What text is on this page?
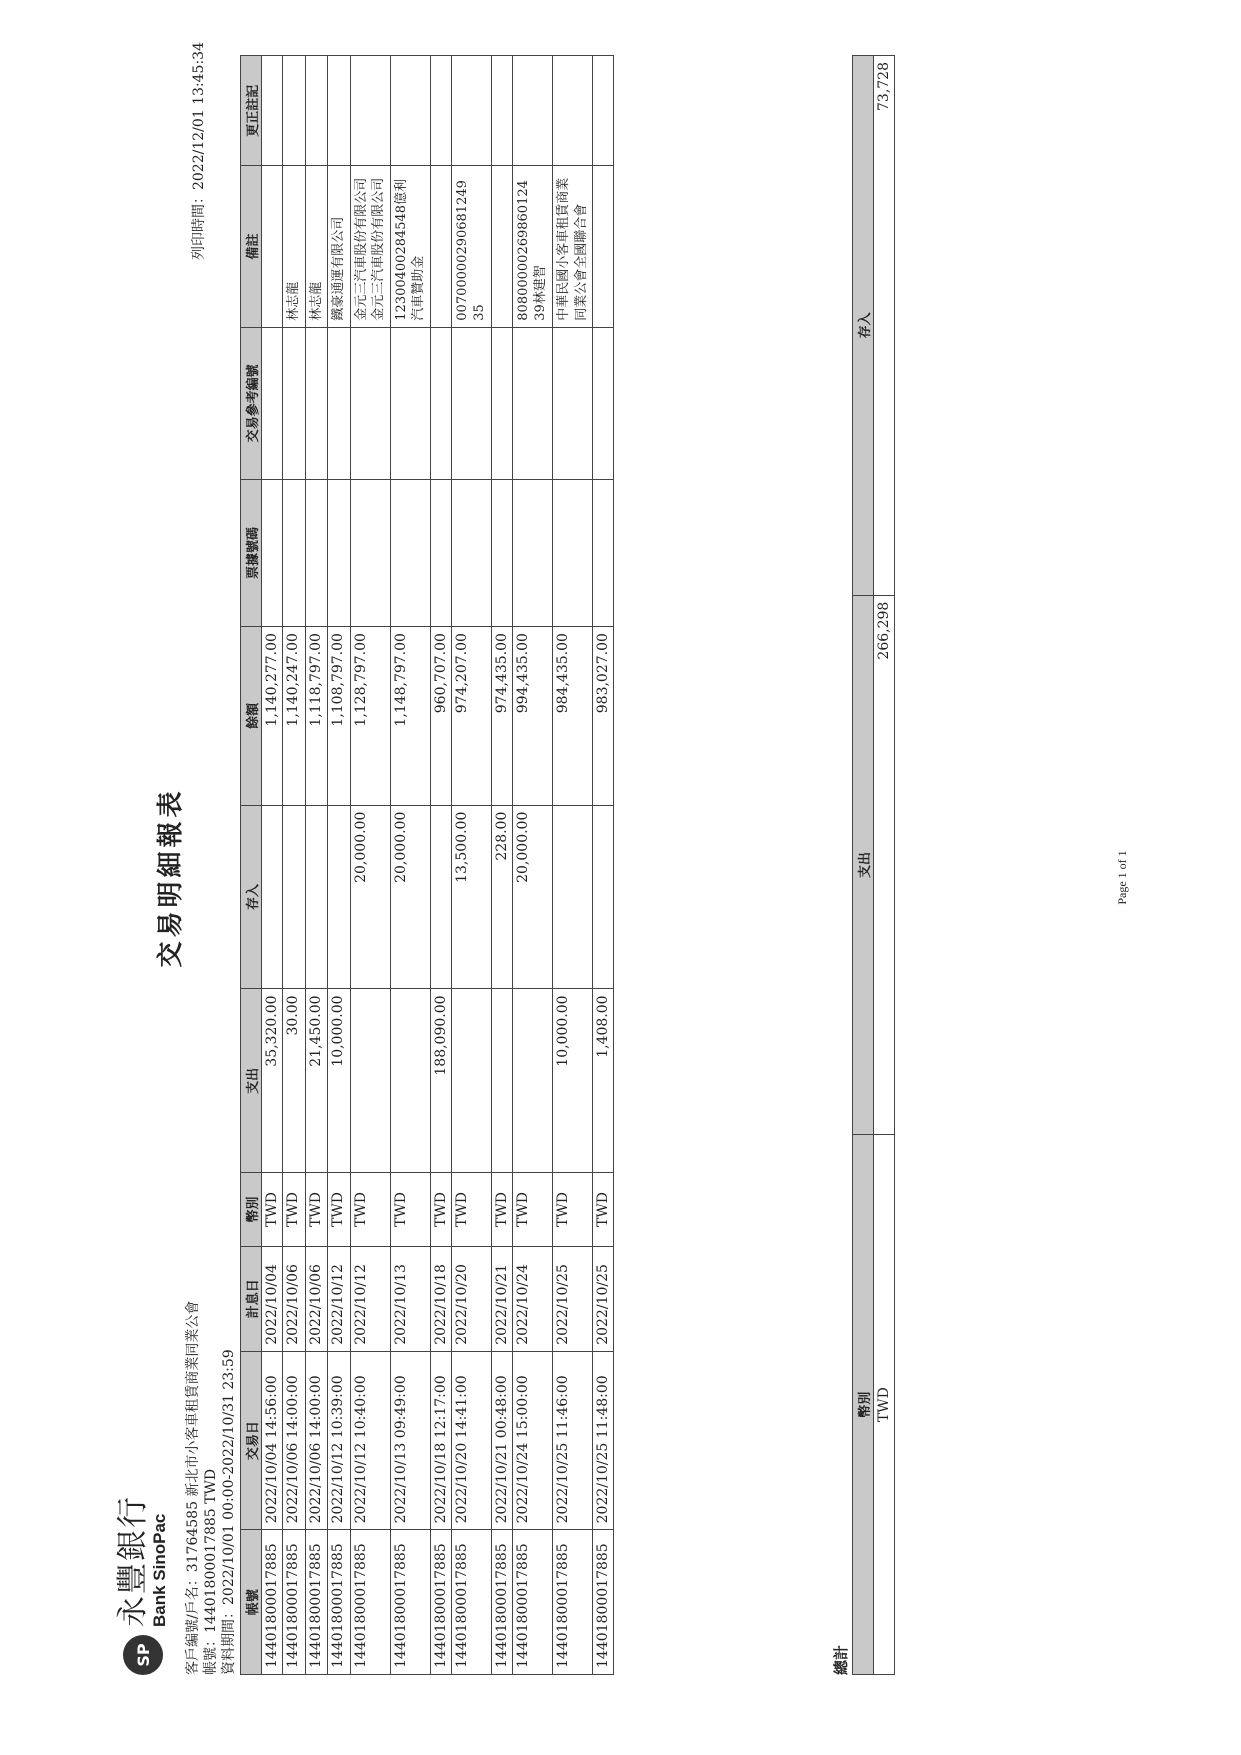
SP
永豐銀行 Bank SinoPac
交易明細報表
列印時間：2022/12/01 13:45:34
客戶編號/戶名：31764585 新北市小客車租賃商業同業公會 帳號：14401800017885 TWD 資料期間：2022/10/01 00:00-2022/10/31 23:59 帳號	交易日	計息日	幣別	支出	存入	餘額	票據號碼	交易參考編號	備註	更正註記
14401800017885	2022/10/04 14:56:00	2022/10/04	TWD	35,320.00		1,140,277.00				
14401800017885	2022/10/06 14:00:00	2022/10/06	TWD	30.00		1,140,247.00			林志龍	
14401800017885	2022/10/06 14:00:00	2022/10/06	TWD	21,450.00		1,118,797.00			林志龍	
14401800017885	2022/10/12 10:39:00	2022/10/12	TWD	10,000.00		1,108,797.00			鐵豪通運有限公司	
14401800017885	2022/10/12 10:40:00	2022/10/12	TWD		20,000.00	1,128,797.00			金元三汽車股份有限公司金元三汽車股份有限公司	
14401800017885	2022/10/13 09:49:00	2022/10/13	TWD		20,000.00	1,148,797.00			12300400284548億利汽車贊助金	
14401800017885	2022/10/18 12:17:00	2022/10/18	TWD	188,090.00		960,707.00				
14401800017885	2022/10/20 14:41:00	2022/10/20	TWD		13,500.00	974,207.00			00700000290681249 35	
14401800017885	2022/10/21 00:48:00	2022/10/21	TWD		228.00	974,435.00				
14401800017885	2022/10/24 15:00:00	2022/10/24	TWD		20,000.00	994,435.00			80800000269860124 39林建智	
14401800017885	2022/10/25 11:46:00	2022/10/25	TWD	10,000.00		984,435.00			中華民國小客車租賃商業同業公會全國聯合會	
14401800017885	2022/10/25 11:48:00	2022/10/25	TWD	1,408.00		983,027.00				
總計
幣別	支出	存入
TWD	266,298	73,728
Page 1 of 1
